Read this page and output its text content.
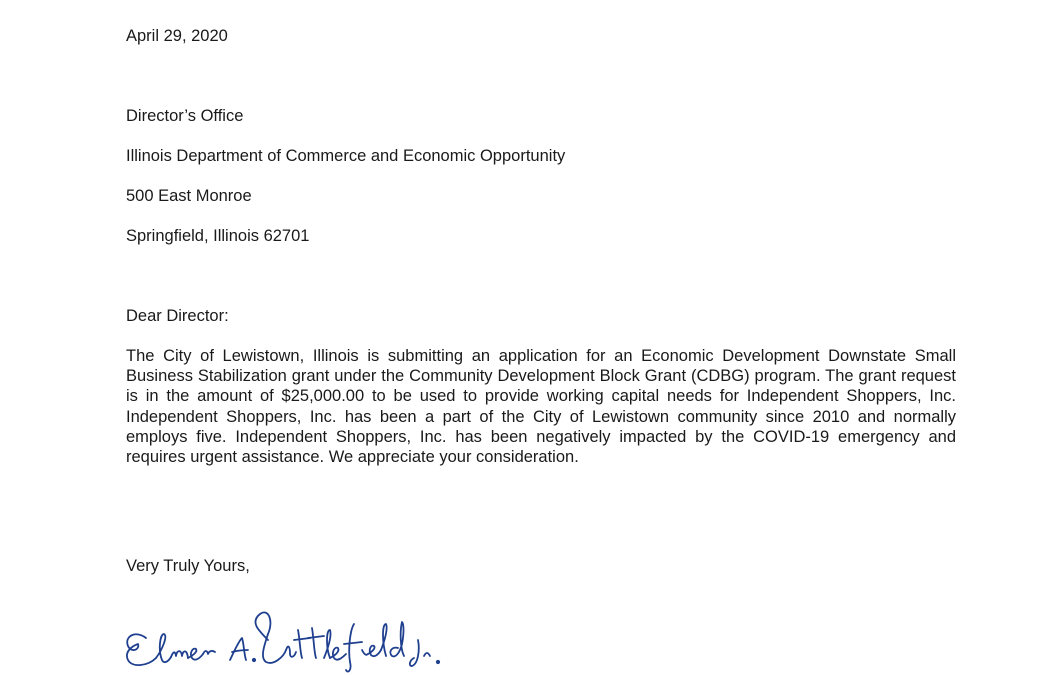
April 29, 2020
Director’s Office
Illinois Department of Commerce and Economic Opportunity
500 East Monroe
Springfield, Illinois 62701
Dear Director:
The City of Lewistown, Illinois is submitting an application for an Economic Development Downstate Small Business Stabilization grant under the Community Development Block Grant (CDBG) program. The grant request is in the amount of $25,000.00 to be used to provide working capital needs for Independent Shoppers, Inc. Independent Shoppers, Inc. has been a part of the City of Lewistown community since 2010 and normally employs five. Independent Shoppers, Inc. has been negatively impacted by the COVID-19 emergency and requires urgent assistance. We appreciate your consideration.
Very Truly Yours,
